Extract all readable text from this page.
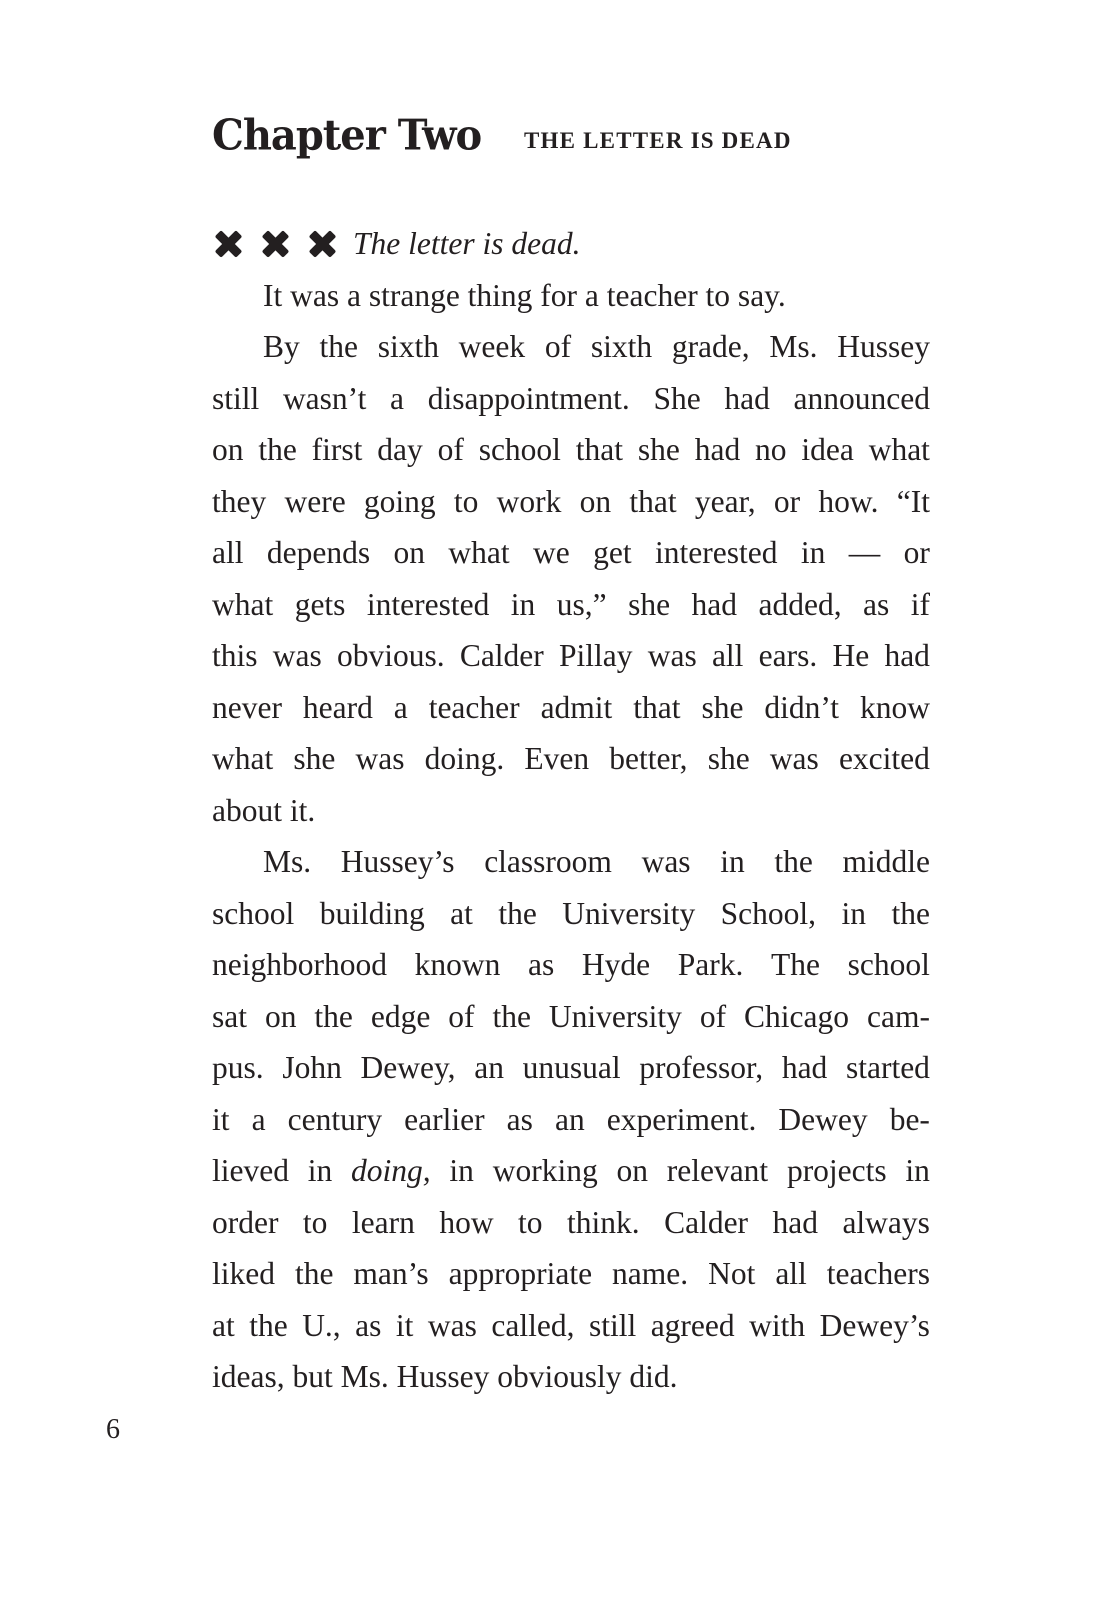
Chapter Two THE LETTER IS DEAD
The letter is dead.
It was a strange thing for a teacher to say.
By the sixth week of sixth grade, Ms. Hussey
still wasn’t a disappointment. She had announced
on the first day of school that she had no idea what
they were going to work on that year, or how. “It
all depends on what we get interested in — or
what gets interested in us,” she had added, as if
this was obvious. Calder Pillay was all ears. He had
never heard a teacher admit that she didn’t know
what she was doing. Even better, she was excited
about it.
Ms. Hussey’s classroom was in the middle
school building at the University School, in the
neighborhood known as Hyde Park. The school
sat on the edge of the University of Chicago cam-
pus. John Dewey, an unusual professor, had started
it a century earlier as an experiment. Dewey be-
lieved in doing, in working on relevant projects in
order to learn how to think. Calder had always
liked the man’s appropriate name. Not all teachers
at the U., as it was called, still agreed with Dewey’s
ideas, but Ms. Hussey obviously did.
6
